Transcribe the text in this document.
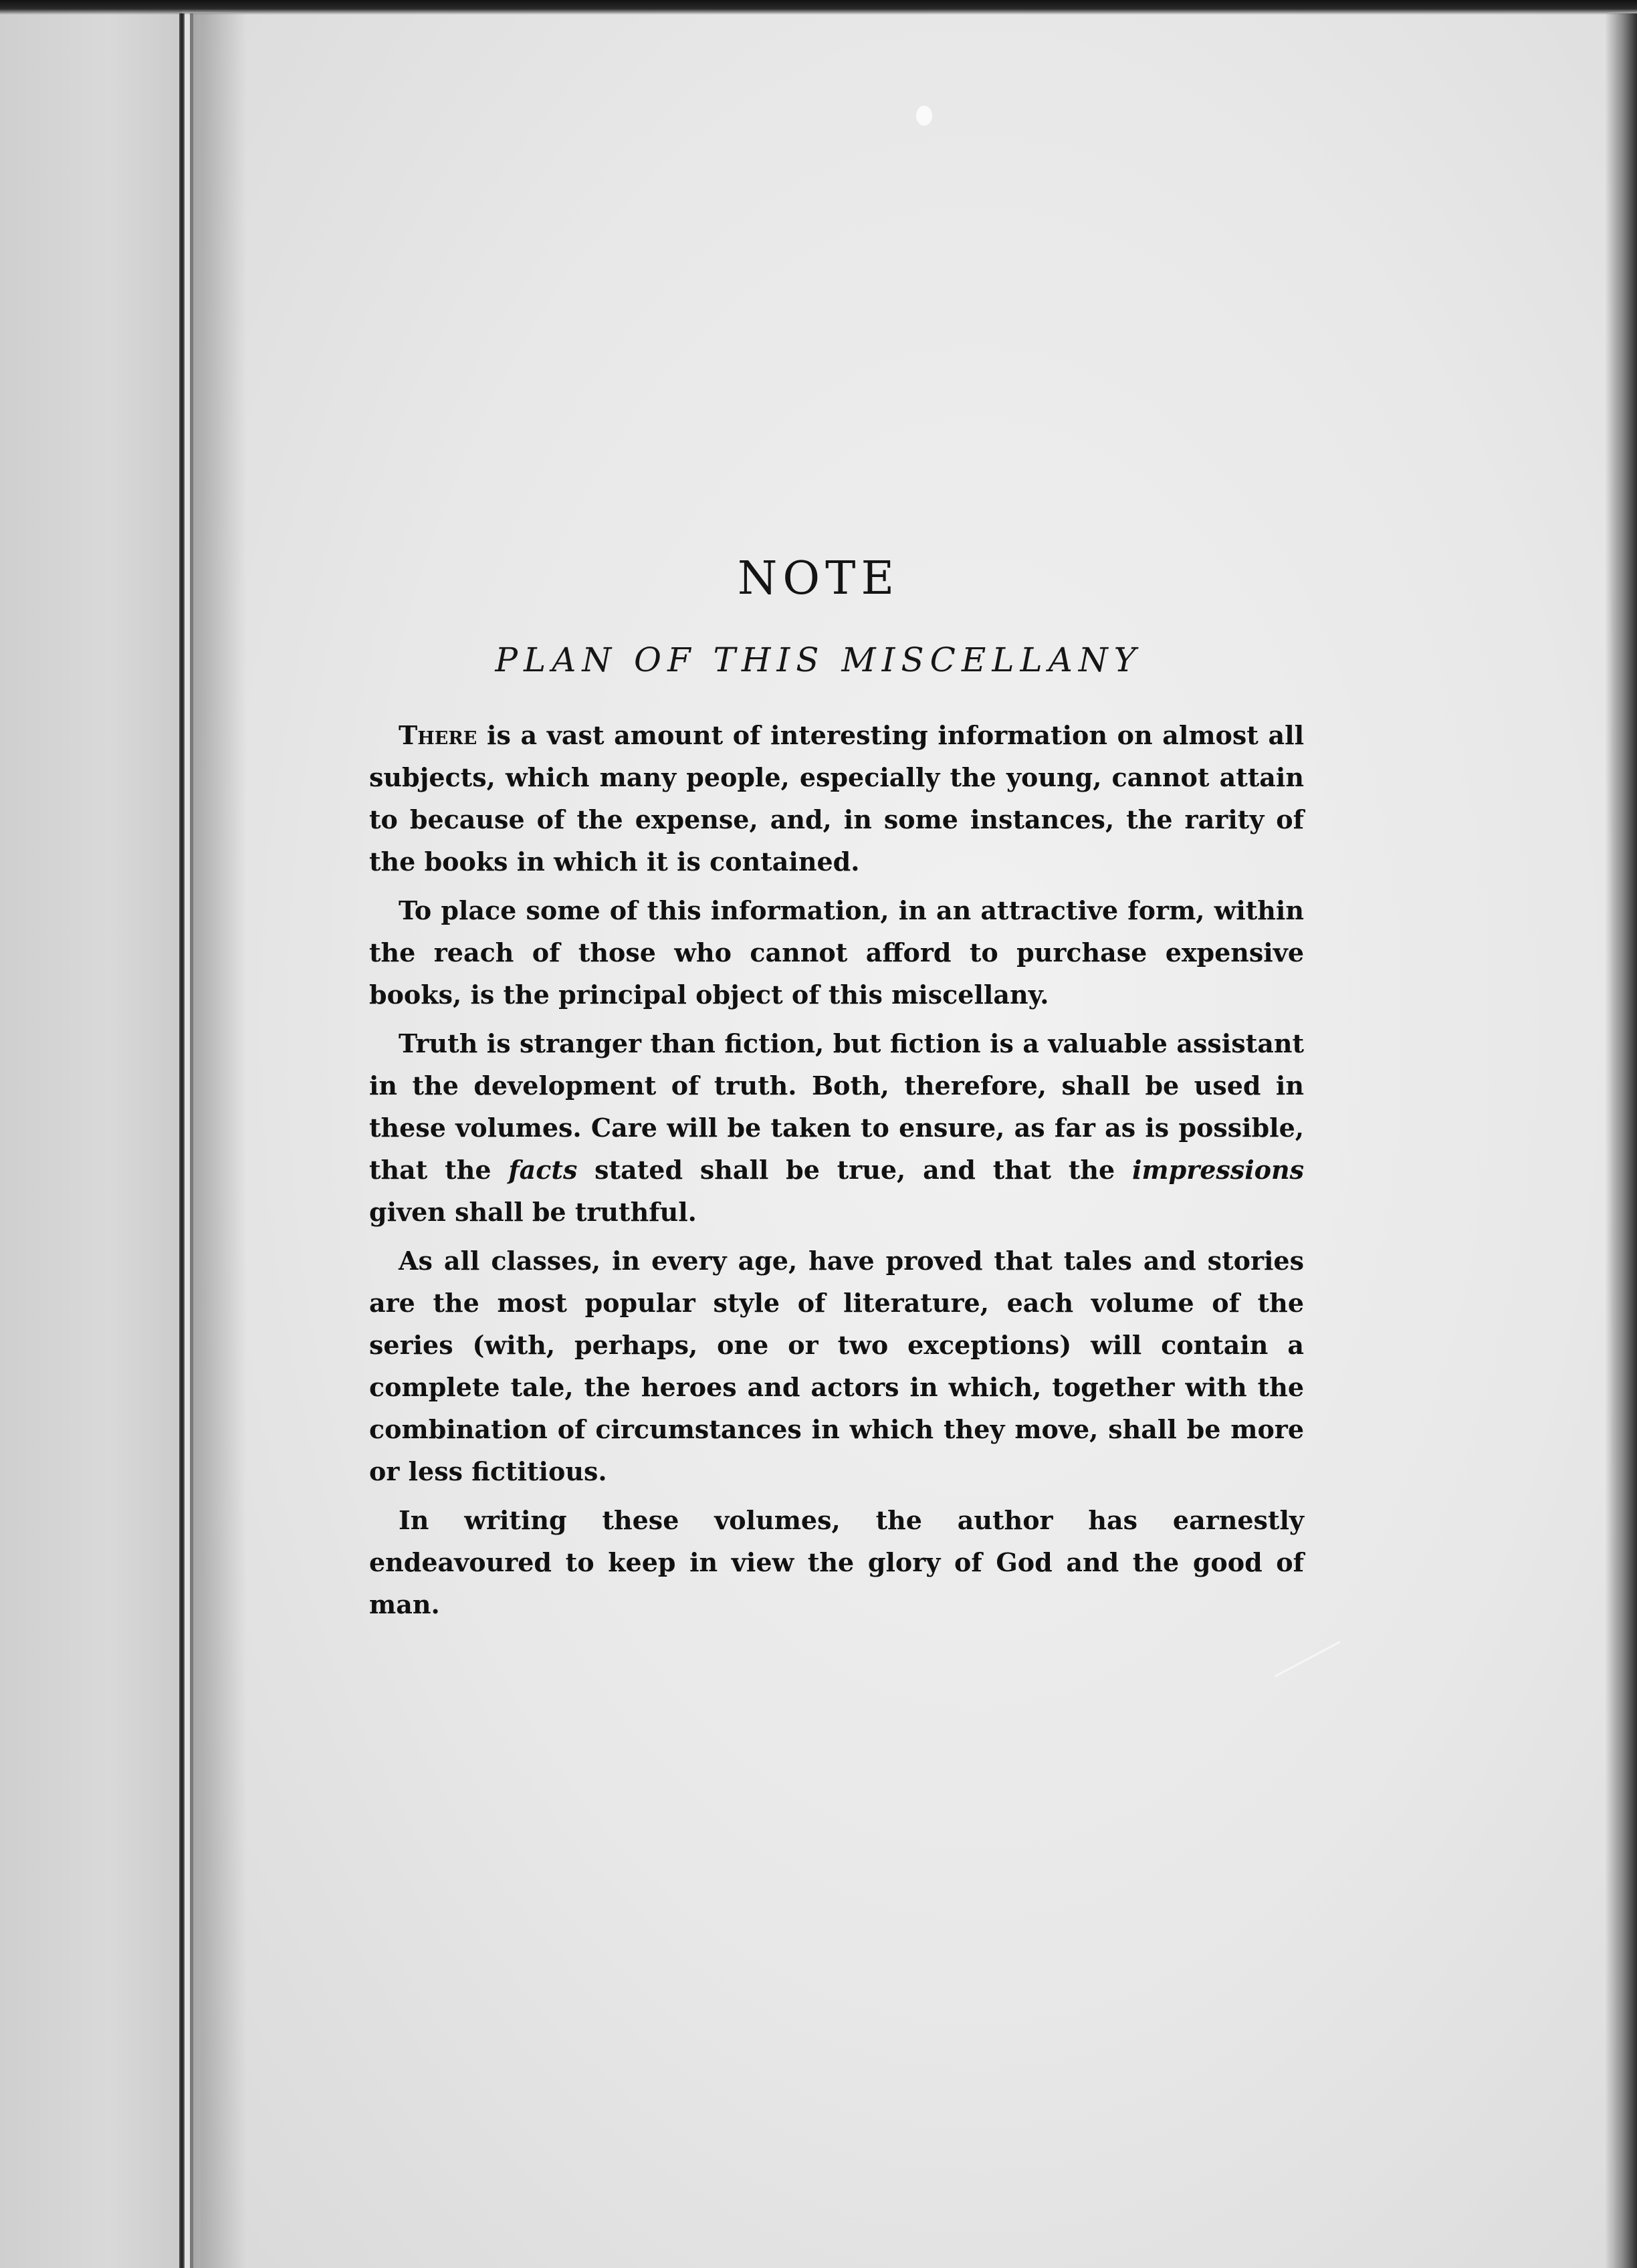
NOTE
PLAN OF THIS MISCELLANY

There is a vast amount of interesting information on almost all subjects, which many people, especially the young, cannot attain to because of the expense, and, in some instances, the rarity of the books in which it is contained.

To place some of this information, in an attractive form, within the reach of those who cannot afford to purchase expensive books, is the principal object of this miscellany.

Truth is stranger than fiction, but fiction is a valuable assistant in the development of truth. Both, therefore, shall be used in these volumes. Care will be taken to ensure, as far as is possible, that the facts stated shall be true, and that the impressions given shall be truthful.

As all classes, in every age, have proved that tales and stories are the most popular style of literature, each volume of the series (with, perhaps, one or two exceptions) will contain a complete tale, the heroes and actors in which, together with the combination of circumstances in which they move, shall be more or less fictitious.

In writing these volumes, the author has earnestly endeavoured to keep in view the glory of God and the good of man.
